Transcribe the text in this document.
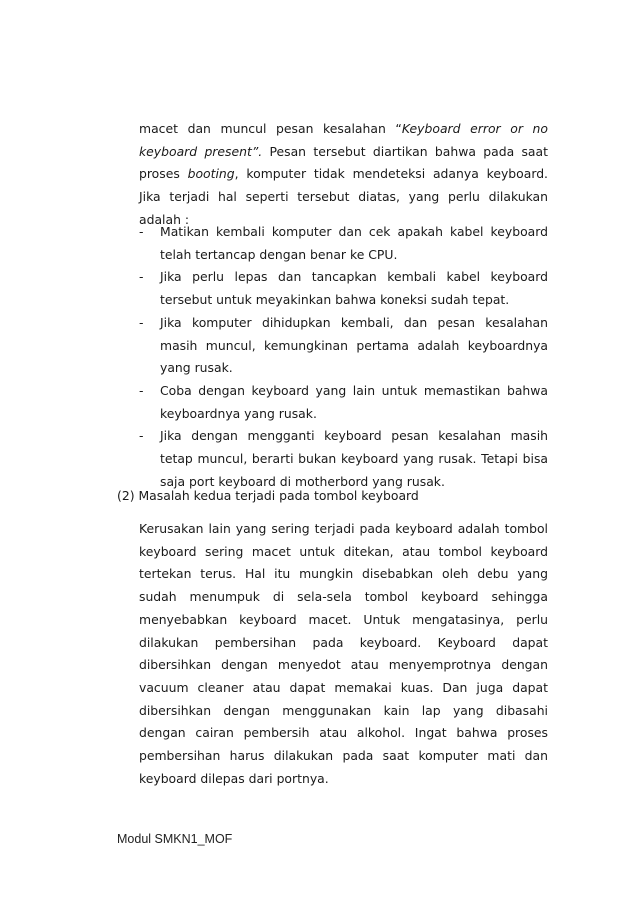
macet dan muncul pesan kesalahan “Keyboard error or no keyboard present”. Pesan tersebut diartikan bahwa pada saat proses booting, komputer tidak mendeteksi adanya keyboard. Jika terjadi hal seperti tersebut diatas, yang perlu dilakukan adalah :

- Matikan kembali komputer dan cek apakah kabel keyboard telah tertancap dengan benar ke CPU.
- Jika perlu lepas dan tancapkan kembali kabel keyboard tersebut untuk meyakinkan bahwa koneksi sudah tepat.
- Jika komputer dihidupkan kembali, dan pesan kesalahan masih muncul, kemungkinan pertama adalah keyboardnya yang rusak.
- Coba dengan keyboard yang lain untuk memastikan bahwa keyboardnya yang rusak.
- Jika dengan mengganti keyboard pesan kesalahan masih tetap muncul, berarti bukan keyboard yang rusak. Tetapi bisa saja port keyboard di motherbord yang rusak.
(2) Masalah kedua terjadi pada tombol keyboard

Kerusakan lain yang sering terjadi pada keyboard adalah tombol keyboard sering macet untuk ditekan, atau tombol keyboard tertekan terus. Hal itu mungkin disebabkan oleh debu yang sudah menumpuk di sela-sela tombol keyboard sehingga menyebabkan keyboard macet. Untuk mengatasinya, perlu dilakukan pembersihan pada keyboard. Keyboard dapat dibersihkan dengan menyedot atau menyemprotnya dengan vacuum cleaner atau dapat memakai kuas. Dan juga dapat dibersihkan dengan menggunakan kain lap yang dibasahi dengan cairan pembersih atau alkohol. Ingat bahwa proses pembersihan harus dilakukan pada saat komputer mati dan keyboard dilepas dari portnya.

Modul SMKN1_MOF
